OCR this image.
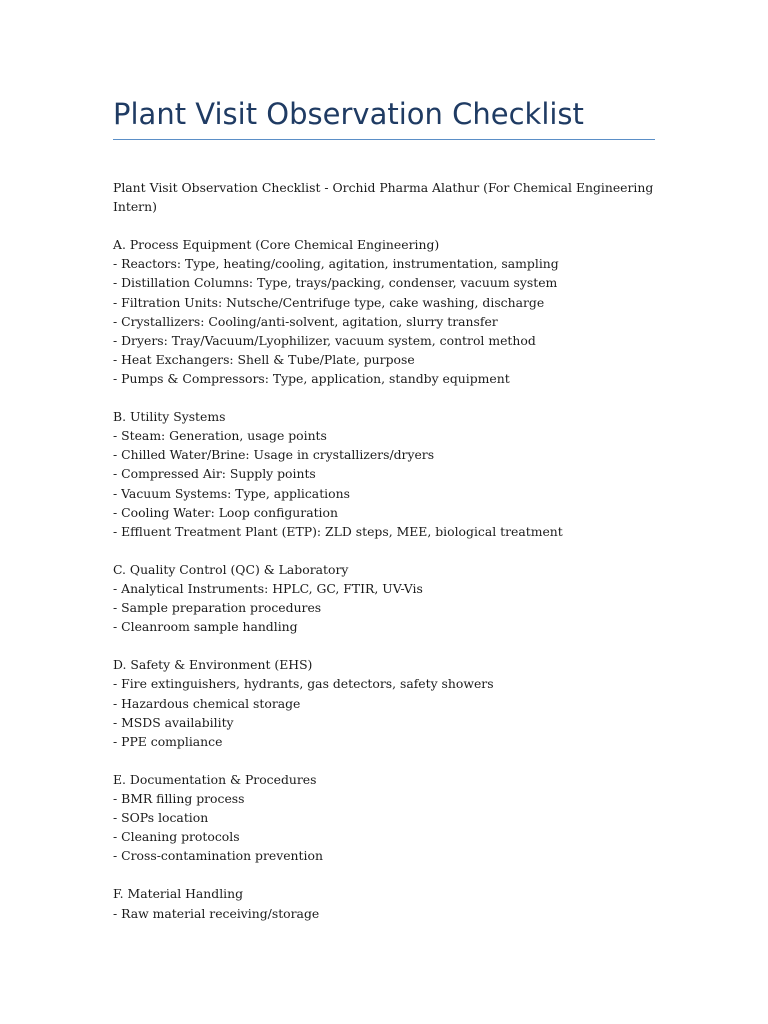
Plant Visit Observation Checklist

Plant Visit Observation Checklist - Orchid Pharma Alathur (For Chemical Engineering Intern)

A. Process Equipment (Core Chemical Engineering)
- Reactors: Type, heating/cooling, agitation, instrumentation, sampling
- Distillation Columns: Type, trays/packing, condenser, vacuum system
- Filtration Units: Nutsche/Centrifuge type, cake washing, discharge
- Crystallizers: Cooling/anti-solvent, agitation, slurry transfer
- Dryers: Tray/Vacuum/Lyophilizer, vacuum system, control method
- Heat Exchangers: Shell & Tube/Plate, purpose
- Pumps & Compressors: Type, application, standby equipment
B. Utility Systems
- Steam: Generation, usage points
- Chilled Water/Brine: Usage in crystallizers/dryers
- Compressed Air: Supply points
- Vacuum Systems: Type, applications
- Cooling Water: Loop configuration
- Effluent Treatment Plant (ETP): ZLD steps, MEE, biological treatment
C. Quality Control (QC) & Laboratory
- Analytical Instruments: HPLC, GC, FTIR, UV-Vis
- Sample preparation procedures
- Cleanroom sample handling
D. Safety & Environment (EHS)
- Fire extinguishers, hydrants, gas detectors, safety showers
- Hazardous chemical storage
- MSDS availability
- PPE compliance
E. Documentation & Procedures
- BMR filling process
- SOPs location
- Cleaning protocols
- Cross-contamination prevention
F. Material Handling
- Raw material receiving/storage
